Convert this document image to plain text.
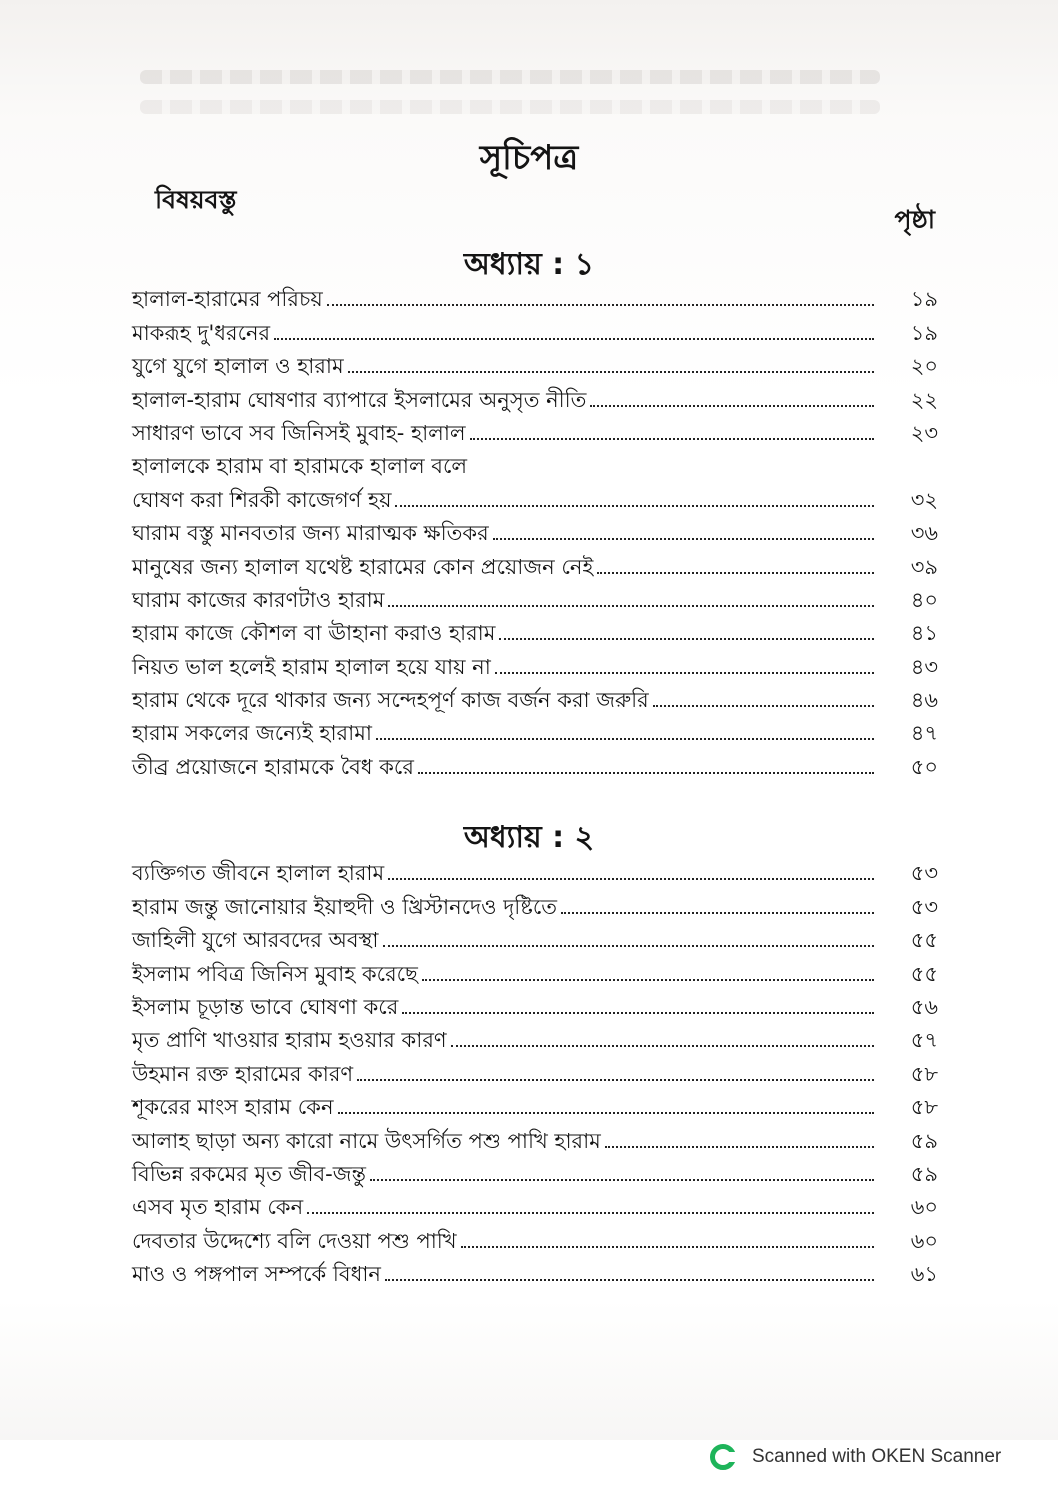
সূচিপত্র
বিষয়বস্তু
পৃষ্ঠা
অধ্যায় : ১
হালাল-হারামের পরিচয়	১৯
মাকরূহ দু'ধরনের	১৯
যুগে যুগে হালাল ও হারাম	২০
হালাল-হারাম ঘোষণার ব্যাপারে ইসলামের অনুসৃত নীতি	২২
সাধারণ ভাবে সব জিনিসই মুবাহ- হালাল	২৩
হালালকে হারাম বা হারামকে হালাল বলে
ঘোষণ করা শিরকী কাজেগর্ণ হয়	৩২
ঘারাম বস্তু মানবতার জন্য মারাত্মক ক্ষতিকর	৩৬
মানুষের জন্য হালাল যথেষ্ট হারামের কোন প্রয়োজন নেই	৩৯
ঘারাম কাজের কারণটাও হারাম	৪০
হারাম কাজে কৌশল বা ঊাহানা করাও হারাম	৪১
নিয়ত ভাল হলেই হারাম হালাল হয়ে যায় না	৪৩
হারাম থেকে দূরে থাকার জন্য সন্দেহপূর্ণ কাজ বর্জন করা জরুরি	৪৬
হারাম সকলের জন্যেই হারামা	৪৭
তীব্র প্রয়োজনে হারামকে বৈধ করে	৫০
অধ্যায় : ২
ব্যক্তিগত জীবনে হালাল হারাম	৫৩
হারাম জন্তু জানোয়ার ইয়াহুদী ও খ্রিস্টানদেও দৃষ্টিতে	৫৩
জাহিলী যুগে আরবদের অবস্থা	৫৫
ইসলাম পবিত্র জিনিস মুবাহ করেছে	৫৫
ইসলাম চূড়ান্ত ভাবে ঘোষণা করে	৫৬
মৃত প্রাণি খাওয়ার হারাম হওয়ার কারণ	৫৭
উহমান রক্ত হারামের কারণ	৫৮
শূকরের মাংস হারাম কেন	৫৮
আলাহ ছাড়া অন্য কারো নামে উৎসর্গিত পশু পাখি হারাম	৫৯
বিভিন্ন রকমের মৃত জীব-জন্তু	৫৯
এসব মৃত হারাম কেন	৬০
দেবতার উদ্দেশ্যে বলি দেওয়া পশু পাখি	৬০
মাও ও পঙ্গপাল সম্পর্কে বিধান	৬১
Scanned with OKEN Scanner
